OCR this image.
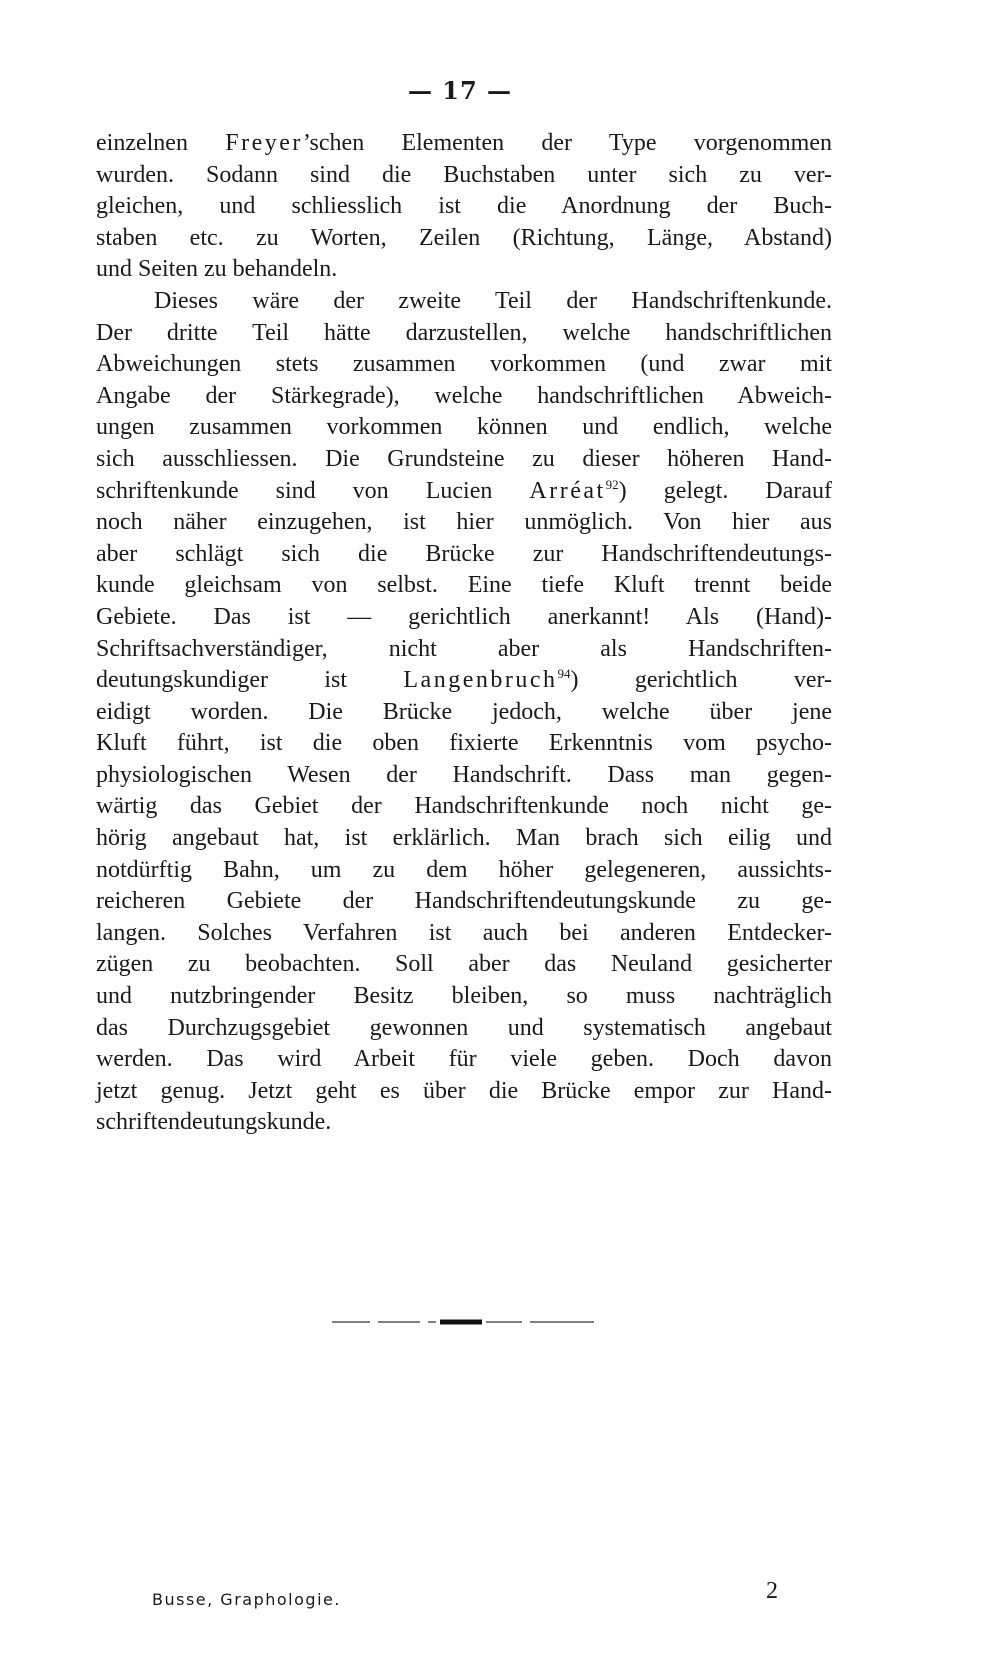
— 17 —
einzelnen Freyer’schen Elementen der Type vorgenommen
wurden. Sodann sind die Buchstaben unter sich zu ver-
gleichen, und schliesslich ist die Anordnung der Buch-
staben etc. zu Worten, Zeilen (Richtung, Länge, Abstand)
und Seiten zu behandeln.
Dieses wäre der zweite Teil der Handschriftenkunde.
Der dritte Teil hätte darzustellen, welche handschriftlichen
Abweichungen stets zusammen vorkommen (und zwar mit
Angabe der Stärkegrade), welche handschriftlichen Abweich-
ungen zusammen vorkommen können und endlich, welche
sich ausschliessen. Die Grundsteine zu dieser höheren Hand-
schriftenkunde sind von Lucien Arréat$^{92}$) gelegt. Darauf
noch näher einzugehen, ist hier unmöglich. Von hier aus
aber schlägt sich die Brücke zur Handschriftendeutungs-
kunde gleichsam von selbst. Eine tiefe Kluft trennt beide
Gebiete. Das ist — gerichtlich anerkannt! Als (Hand)-
Schriftsachverständiger, nicht aber als Handschriften-
deutungskundiger ist Langenbruch$^{94}$) gerichtlich ver-
eidigt worden. Die Brücke jedoch, welche über jene
Kluft führt, ist die oben fixierte Erkenntnis vom psycho-
physiologischen Wesen der Handschrift. Dass man gegen-
wärtig das Gebiet der Handschriftenkunde noch nicht ge-
hörig angebaut hat, ist erklärlich. Man brach sich eilig und
notdürftig Bahn, um zu dem höher gelegeneren, aussichts-
reicheren Gebiete der Handschriftendeutungskunde zu ge-
langen. Solches Verfahren ist auch bei anderen Entdecker-
zügen zu beobachten. Soll aber das Neuland gesicherter
und nutzbringender Besitz bleiben, so muss nachträglich
das Durchzugsgebiet gewonnen und systematisch angebaut
werden. Das wird Arbeit für viele geben. Doch davon
jetzt genug. Jetzt geht es über die Brücke empor zur Hand-
schriftendeutungskunde.
Busse, Graphologie.	2
